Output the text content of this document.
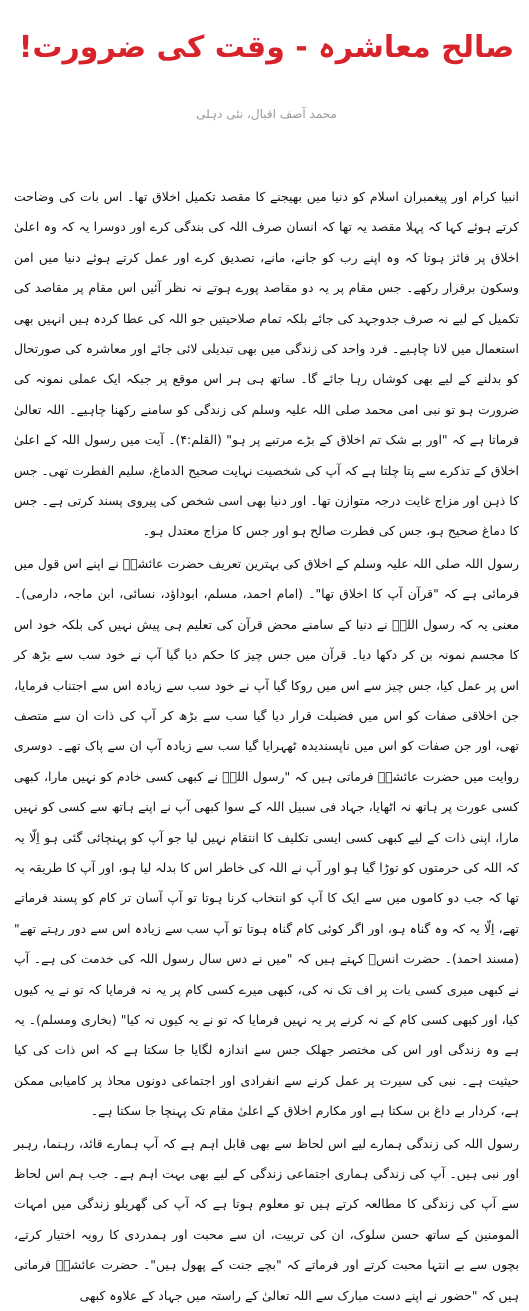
صالح معاشرہ - وقت کی ضرورت!
محمد آصف اقبال، نئی دہلی

انبیا کرام اور پیغمبران اسلام کو دنیا میں بھیجنے کا مقصد تکمیل اخلاق تھا۔ اس بات کی وضاحت کرتے ہوئے کہا کہ پہلا مقصد یہ تھا کہ انسان صرف اللہ کی بندگی کرے اور دوسرا یہ کہ وہ اعلیٰ اخلاق پر فائز ہوتا کہ وہ اپنے رب کو جانے، مانے، تصدیق کرے اور عمل کرتے ہوئے دنیا میں امن وسکون برقرار رکھے۔ جس مقام پر یہ دو مقاصد پورے ہوتے نہ نظر آئیں اس مقام پر مقاصد کی تکمیل کے لیے نہ صرف جدوجہد کی جائے بلکہ تمام صلاحیتیں جو اللہ کی عطا کردہ ہیں انہیں بھی استعمال میں لانا چاہیے۔ فرد واحد کی زندگی میں بھی تبدیلی لائی جائے اور معاشرہ کی صورتحال کو بدلنے کے لیے بھی کوشاں رہا جائے گا۔ ساتھ ہی ہر اس موقع پر جبکہ ایک عملی نمونہ کی ضرورت ہو تو نبی امی محمد صلی اللہ علیہ وسلم کی زندگی کو سامنے رکھنا چاہیے۔ اللہ تعالیٰ فرماتا ہے کہ "اور بے شک تم اخلاق کے بڑے مرتبے پر ہو" (القلم:۴)۔ آیت میں رسول اللہ کے اعلیٰ اخلاق کے تذکرے سے پتا چلتا ہے کہ آپ کی شخصیت نہایت صحیح الدماغ، سلیم الفطرت تھی۔ جس کا ذہن اور مزاج غایت درجہ متوازن تھا۔ اور دنیا بھی اسی شخص کی پیروی پسند کرتی ہے۔ جس کا دماغ صحیح ہو، جس کی فطرت صالح ہو اور جس کا مزاج معتدل ہو۔

رسول اللہ صلی اللہ علیہ وسلم کے اخلاق کی بہترین تعریف حضرت عائشہؓ نے اپنے اس قول میں فرمائی ہے کہ "قرآن آپ کا اخلاق تھا"۔ (امام احمد، مسلم، ابوداؤد، نسائی، ابن ماجہ، دارمی)۔ معنی یہ کہ رسول اللہؐ نے دنیا کے سامنے محض قرآن کی تعلیم ہی پیش نہیں کی بلکہ خود اس کا مجسم نمونہ بن کر دکھا دیا۔ قرآن میں جس چیز کا حکم دیا گیا آپ نے خود سب سے بڑھ کر اس پر عمل کیا، جس چیز سے اس میں روکا گیا آپ نے خود سب سے زیادہ اس سے اجتناب فرمایا، جن اخلاقی صفات کو اس میں فضیلت قرار دیا گیا سب سے بڑھ کر آپ کی ذات ان سے متصف تھی، اور جن صفات کو اس میں ناپسندیدہ ٹھہرایا گیا سب سے زیادہ آپ ان سے پاک تھے۔ دوسری روایت میں حضرت عائشہؓ فرماتی ہیں کہ "رسول اللہؐ نے کبھی کسی خادم کو نہیں مارا، کبھی کسی عورت پر ہاتھ نہ اٹھایا، جہاد فی سبیل اللہ کے سوا کبھی آپ نے اپنے ہاتھ سے کسی کو نہیں مارا، اپنی ذات کے لیے کبھی کسی ایسی تکلیف کا انتقام نہیں لیا جو آپ کو پہنچائی گئی ہو اِلّا یہ کہ اللہ کی حرمتوں کو توڑا گیا ہو اور آپ نے اللہ کی خاطر اس کا بدلہ لیا ہو، اور آپ کا طریقہ یہ تھا کہ جب دو کاموں میں سے ایک کا آپ کو انتخاب کرنا ہوتا تو آپ آسان تر کام کو پسند فرماتے تھے، اِلّا یہ کہ وہ گناہ ہو، اور اگر کوئی کام گناہ ہوتا تو آپ سب سے زیادہ اس سے دور رہتے تھے" (مسند احمد)۔ حضرت انسؓ کہتے ہیں کہ "میں نے دس سال رسول اللہ کی خدمت کی ہے۔ آپ نے کبھی میری کسی بات پر اف تک نہ کی، کبھی میرے کسی کام پر یہ نہ فرمایا کہ تو نے یہ کیوں کیا، اور کبھی کسی کام کے نہ کرنے پر یہ نہیں فرمایا کہ تو نے یہ کیوں نہ کیا" (بخاری ومسلم)۔ یہ ہے وہ زندگی اور اس کی مختصر جھلک جس سے اندازہ لگایا جا سکتا ہے کہ اس ذات کی کیا حیثیت ہے۔ نبی کی سیرت پر عمل کرنے سے انفرادی اور اجتماعی دونوں محاذ پر کامیابی ممکن ہے، کردار بے داغ بن سکتا ہے اور مکارم اخلاق کے اعلیٰ مقام تک پہنچا جا سکتا ہے۔

رسول اللہ کی زندگی ہمارے لیے اس لحاظ سے بھی قابل اہم ہے کہ آپ ہمارے قائد، رہنما، رہبر اور نبی ہیں۔ آپ کی زندگی ہماری اجتماعی زندگی کے لیے بھی بہت اہم ہے۔ جب ہم اس لحاظ سے آپ کی زندگی کا مطالعہ کرتے ہیں تو معلوم ہوتا ہے کہ آپ کی گھریلو زندگی میں امہات المومنین کے ساتھ حسن سلوک، ان کی تربیت، ان سے محبت اور ہمدردی کا رویہ اختیار کرتے، بچوں سے بے انتہا محبت کرتے اور فرماتے کہ "بچے جنت کے پھول ہیں"۔ حضرت عائشہؓ فرماتی ہیں کہ "حضور نے اپنے دست مبارک سے اللہ تعالیٰ کے راستہ میں جہاد کے علاوہ کبھی
